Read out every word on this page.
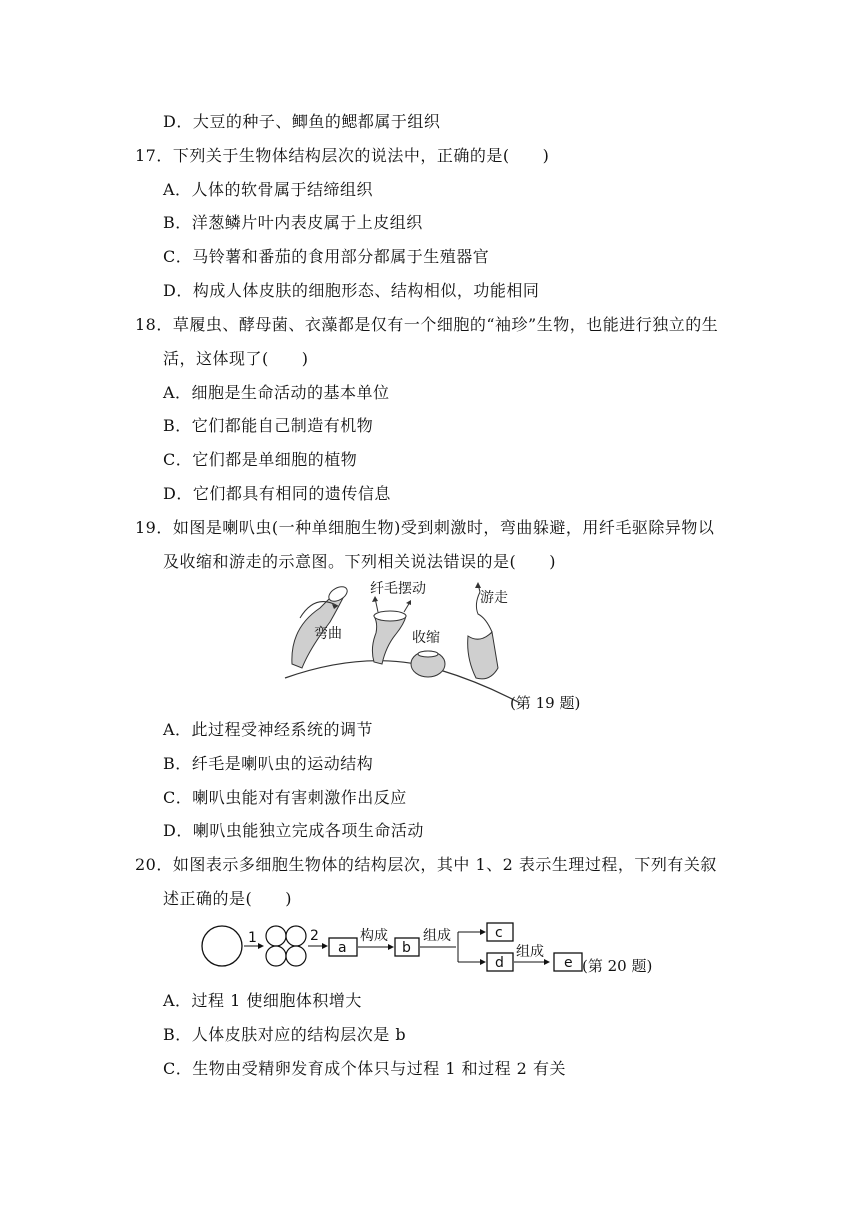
D．大豆的种子、鲫鱼的鳃都属于组织
17．下列关于生物体结构层次的说法中，正确的是(　　)
A．人体的软骨属于结缔组织
B．洋葱鳞片叶内表皮属于上皮组织
C．马铃薯和番茄的食用部分都属于生殖器官
D．构成人体皮肤的细胞形态、结构相似，功能相同
18．草履虫、酵母菌、衣藻都是仅有一个细胞的“袖珍”生物，也能进行独立的生
活，这体现了(　　)
A．细胞是生命活动的基本单位
B．它们都能自己制造有机物
C．它们都是单细胞的植物
D．它们都具有相同的遗传信息
19．如图是喇叭虫(一种单细胞生物)受到刺激时，弯曲躲避，用纤毛驱除异物以
及收缩和游走的示意图。下列相关说法错误的是(　　)
弯曲
纤毛摆动
收缩
游走
(第 19 题)
A．此过程受神经系统的调节
B．纤毛是喇叭虫的运动结构
C．喇叭虫能对有害刺激作出反应
D．喇叭虫能独立完成各项生命活动
20．如图表示多细胞生物体的结构层次，其中 1、2 表示生理过程，下列有关叙
述正确的是(　　)
1	2
a
构成
b
组成	c
d
组成
e (第 20 题)
A．过程 1 使细胞体积增大
B．人体皮肤对应的结构层次是 b
C．生物由受精卵发育成个体只与过程 1 和过程 2 有关
